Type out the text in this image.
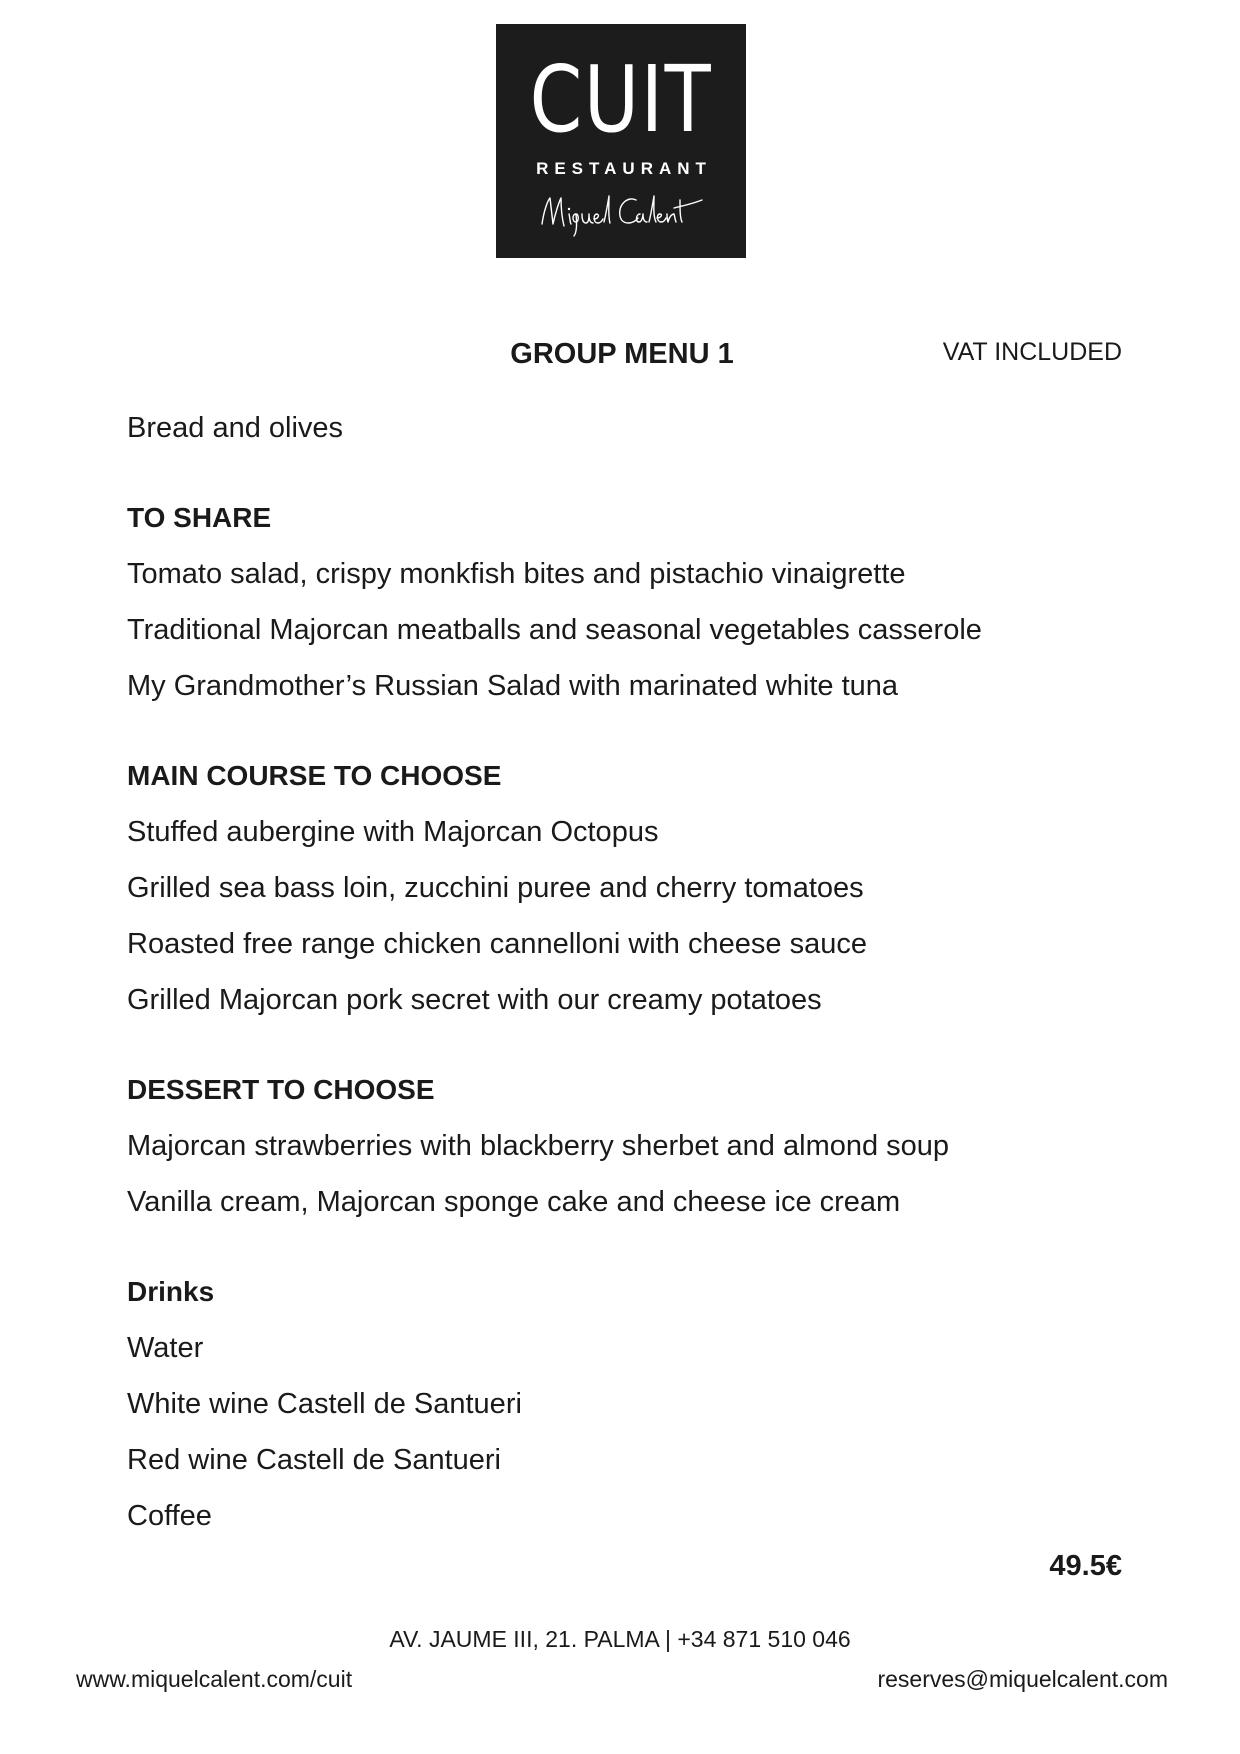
CUIT
RESTAURANT
GROUP MENU 1	VAT INCLUDED
Bread and olives
TO SHARE
Tomato salad, crispy monkfish bites and pistachio vinaigrette
Traditional Majorcan meatballs and seasonal vegetables casserole
My Grandmother’s Russian Salad with marinated white tuna
MAIN COURSE TO CHOOSE
Stuffed aubergine with Majorcan Octopus
Grilled sea bass loin, zucchini puree and cherry tomatoes
Roasted free range chicken cannelloni with cheese sauce
Grilled Majorcan pork secret with our creamy potatoes
DESSERT TO CHOOSE
Majorcan strawberries with blackberry sherbet and almond soup
Vanilla cream, Majorcan sponge cake and cheese ice cream
Drinks
Water
White wine Castell de Santueri
Red wine Castell de Santueri
Coffee
49.5€
AV. JAUME III, 21. PALMA | +34 871 510 046
www.miquelcalent.com/cuit	reserves@miquelcalent.com
